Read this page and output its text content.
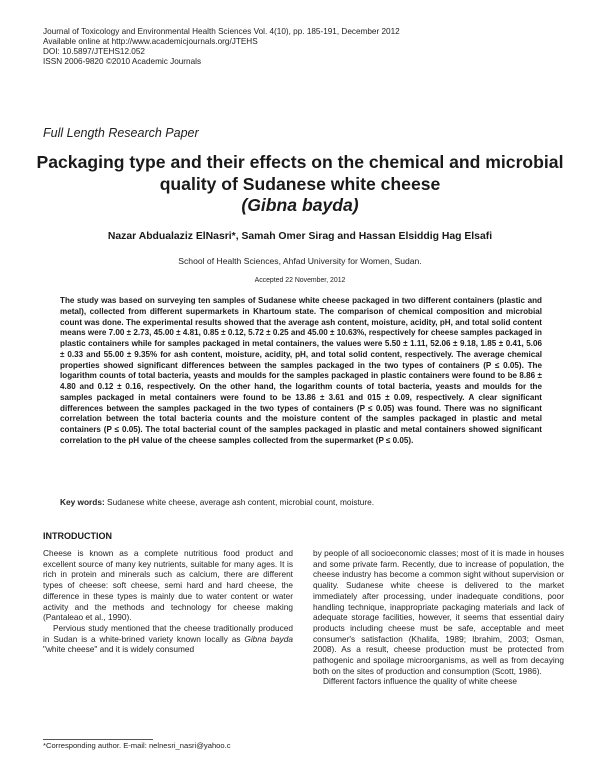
Journal of Toxicology and Environmental Health Sciences Vol. 4(10), pp. 185-191, December 2012
Available online at http://www.academicjournals.org/JTEHS
DOI: 10.5897/JTEHS12.052
ISSN 2006-9820 ©2010 Academic Journals
Full Length Research Paper
Packaging type and their effects on the chemical and microbial quality of Sudanese white cheese
(Gibna bayda)
Nazar Abdualaziz ElNasri*, Samah Omer Sirag and Hassan Elsiddig Hag Elsafi
School of Health Sciences, Ahfad University for Women, Sudan.
Accepted 22 November, 2012
The study was based on surveying ten samples of Sudanese white cheese packaged in two different containers (plastic and metal), collected from different supermarkets in Khartoum state. The comparison of chemical composition and microbial count was done. The experimental results showed that the average ash content, moisture, acidity, pH, and total solid content means were 7.00 ± 2.73, 45.00 ± 4.81, 0.85 ± 0.12, 5.72 ± 0.25 and 45.00 ± 10.63%, respectively for cheese samples packaged in plastic containers while for samples packaged in metal containers, the values were 5.50 ± 1.11, 52.06 ± 9.18, 1.85 ± 0.41, 5.06 ± 0.33 and 55.00 ± 9.35% for ash content, moisture, acidity, pH, and total solid content, respectively. The average chemical properties showed significant differences between the samples packaged in the two types of containers (P ≤ 0.05). The logarithm counts of total bacteria, yeasts and moulds for the samples packaged in plastic containers were found to be 8.86 ± 4.80 and 0.12 ± 0.16, respectively. On the other hand, the logarithm counts of total bacteria, yeasts and moulds for the samples packaged in metal containers were found to be 13.86 ± 3.61 and 015 ± 0.09, respectively. A clear significant differences between the samples packaged in the two types of containers (P ≤ 0.05) was found. There was no significant correlation between the total bacteria counts and the moisture content of the samples packaged in plastic and metal containers (P ≤ 0.05). The total bacterial count of the samples packaged in plastic and metal containers showed significant correlation to the pH value of the cheese samples collected from the supermarket (P ≤ 0.05).
Key words: Sudanese white cheese, average ash content, microbial count, moisture.
INTRODUCTION

Cheese is known as a complete nutritious food product and excellent source of many key nutrients, suitable for many ages. It is rich in protein and minerals such as calcium, there are different types of cheese: soft cheese, semi hard and hard cheese, the difference in these types is mainly due to water content or water activity and the methods and technology for cheese making (Pantaleao et al., 1990).

Pervious study mentioned that the cheese traditionally produced in Sudan is a white-brined variety known locally as Gibna bayda "white cheese" and it is widely consumed

by people of all socioeconomic classes; most of it is made in houses and some private farm. Recently, due to increase of population, the cheese industry has become a common sight without supervision or quality. Sudanese white cheese is delivered to the market immediately after processing, under inadequate conditions, poor handling technique, inappropriate packaging materials and lack of adequate storage facilities, however, it seems that essential dairy products including cheese must be safe, acceptable and meet consumer's satisfaction (Khalifa, 1989; Ibrahim, 2003; Osman, 2008). As a result, cheese production must be protected from pathogenic and spoilage microorganisms, as well as from decaying both on the sites of production and consumption (Scott, 1986).

Different factors influence the quality of white cheese

*Corresponding author. E-mail: nelnesri_nasri@yahoo.c
